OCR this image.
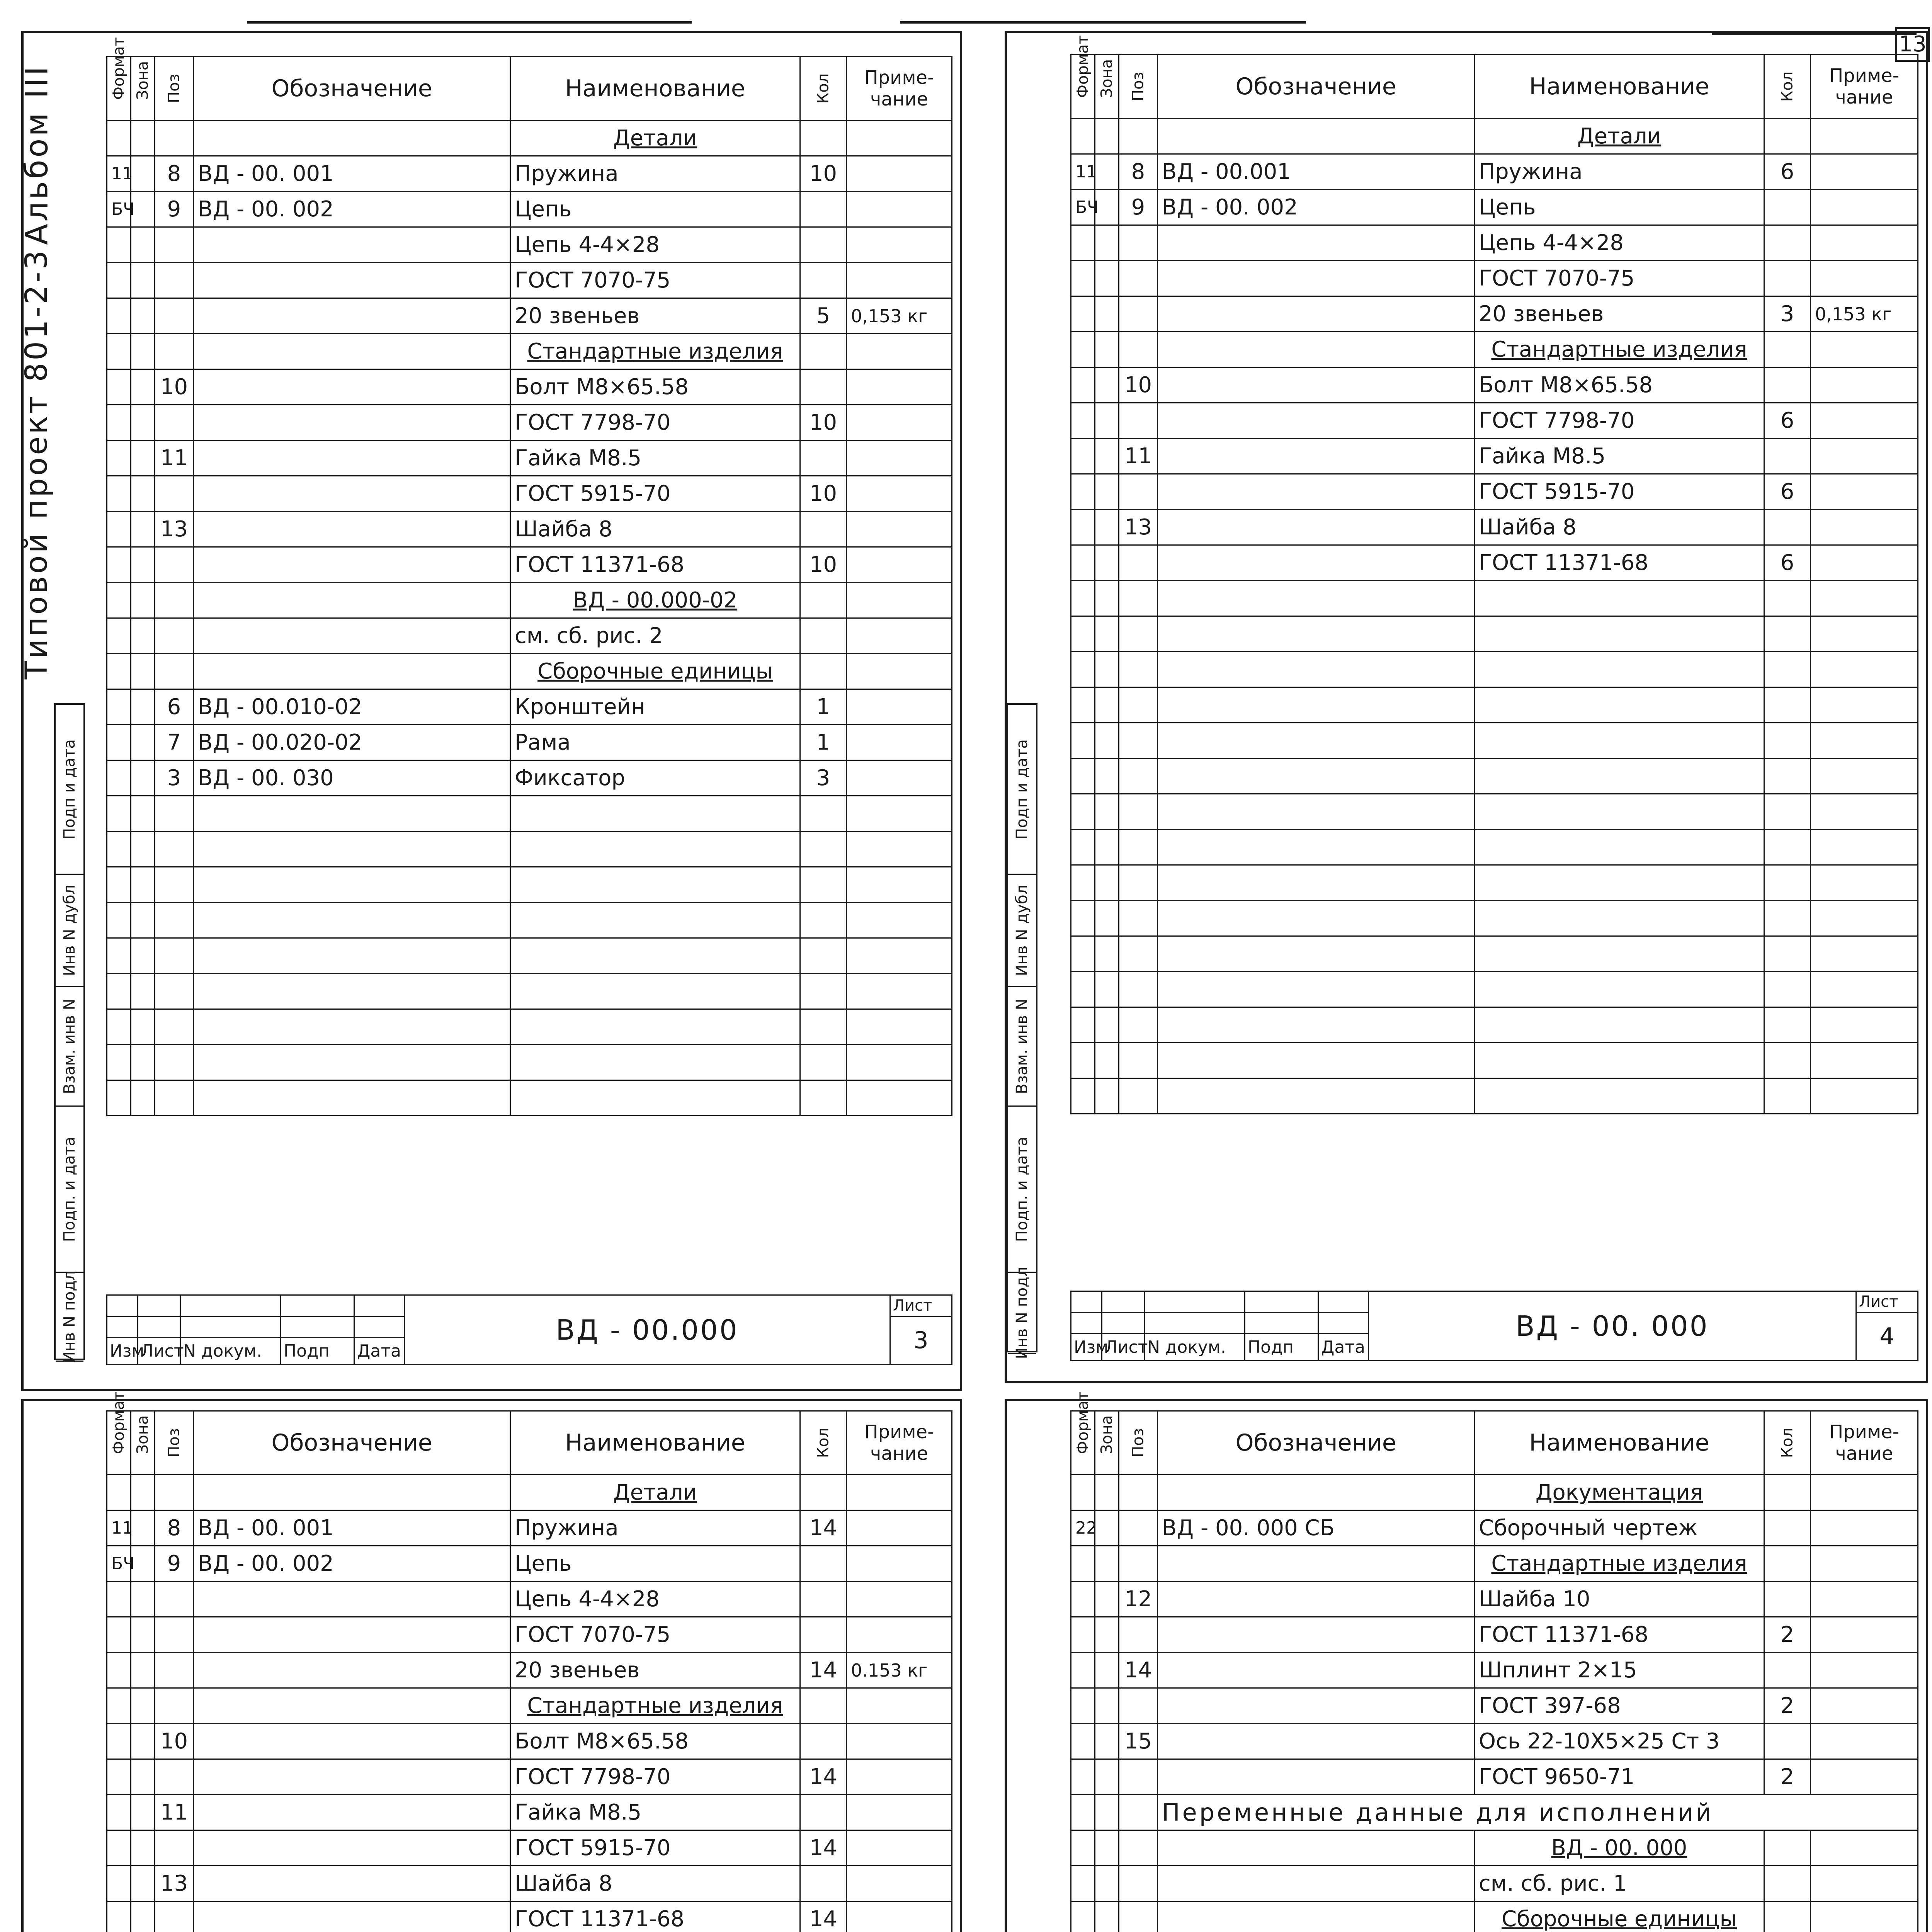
13
Альбом III
Типовой проект 801-2-3
Подп и дата
Инв N дубл
Взам. инв N
Подп. и дата
Инв N подл
Формат	Зона	Поз	Обозначение	Наименование	Кол	Приме-чание
				Детали		
11		8	ВД - 00. 001	Пружина	10	
БЧ		9	ВД - 00. 002	Цепь		
				Цепь 4-4×28		
				ГОСТ 7070-75		
				20 звеньев	5	0,153 кг
				Стандартные изделия		
		10		Болт М8×65.58		
				ГОСТ 7798-70	10	
		11		Гайка М8.5		
				ГОСТ 5915-70	10	
		13		Шайба 8		
				ГОСТ 11371-68	10	
				ВД - 00.000-02		
				см. сб. рис. 2		
				Сборочные единицы		
		6	ВД - 00.010-02	Кронштейн	1	
		7	ВД - 00.020-02	Рама	1	
		3	ВД - 00. 030	Фиксатор	3	

					ВД - 00.000	Лист
						3
Изм	Лист	N докум.	Подп	Дата		
Подп и дата
Инв N дубл
Взам. инв N
Подп. и дата
Инв N подл
Формат	Зона	Поз	Обозначение	Наименование	Кол	Приме-чание
				Детали		
11		8	ВД - 00.001	Пружина	6	
БЧ		9	ВД - 00. 002	Цепь		
				Цепь 4-4×28		
				ГОСТ 7070-75		
				20 звеньев	3	0,153 кг
				Стандартные изделия		
		10		Болт М8×65.58		
				ГОСТ 7798-70	6	
		11		Гайка М8.5		
				ГОСТ 5915-70	6	
		13		Шайба 8		
				ГОСТ 11371-68	6	

					ВД - 00. 000	Лист
						4
Изм	Лист	N докум.	Подп	Дата		
Формат	Зона	Поз	Обозначение	Наименование	Кол	Приме-чание
				Детали		
11		8	ВД - 00. 001	Пружина	14	
БЧ		9	ВД - 00. 002	Цепь		
				Цепь 4-4×28		
				ГОСТ 7070-75		
				20 звеньев	14	0.153 кг
				Стандартные изделия		
		10		Болт М8×65.58		
				ГОСТ 7798-70	14	
		11		Гайка М8.5		
				ГОСТ 5915-70	14	
		13		Шайба 8		
				ГОСТ 11371-68	14	

Формат	Зона	Поз	Обозначение	Наименование	Кол	Приме-чание
				Документация		
22			ВД - 00. 000 СБ	Сборочный чертеж		
				Стандартные изделия		
		12		Шайба 10		
				ГОСТ 11371-68	2	
		14		Шплинт 2×15		
				ГОСТ 397-68	2	
		15		Ось 22-10Х5×25 Ст 3		
				ГОСТ 9650-71	2	
			Переменные данные для исполнений			
				ВД - 00. 000		
				см. сб. рис. 1		
				Сборочные единицы		
